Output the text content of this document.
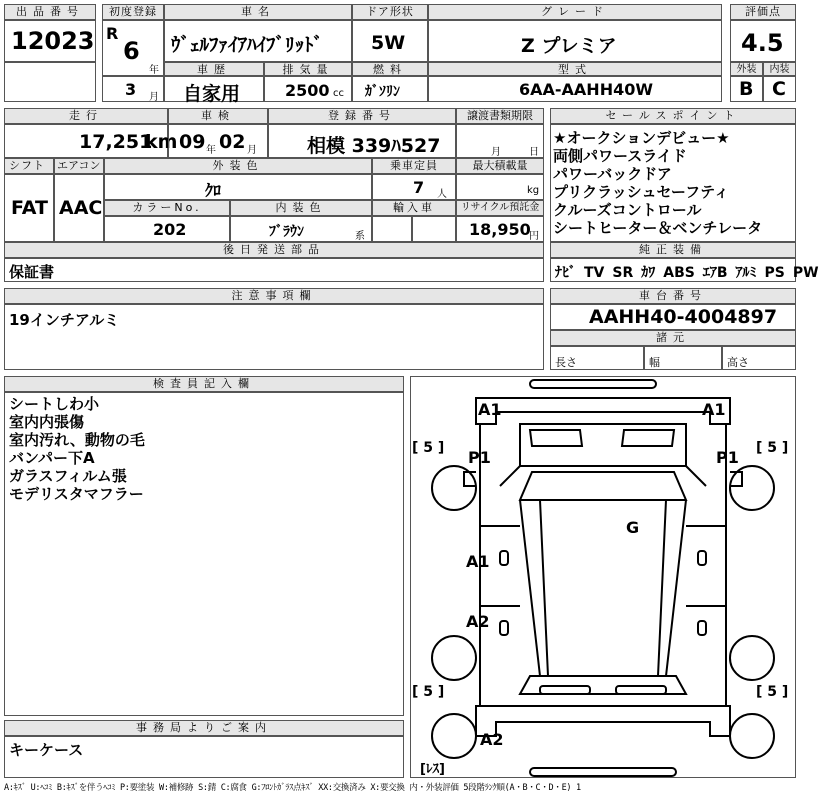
出品番号
12023
初度登録
R
6
年
3 月
車名
ｳﾞｪﾙﾌｧｲｱﾊｲﾌﾞﾘｯﾄﾞ
ドア形状
5W
グレード
Z プレミア
評価点
4.5
車歴
自家用
排気量
2500 cc
燃料
ｶﾞｿﾘﾝ
型式
6AA-AAHH40W
外装	内装
B C
走行
17,251
km
車検
09 年 02 月
登録番号
相模 339ﾊ527
譲渡書類期限
月	日
シフト
FAT
エアコン
AAC
外装色
ｸﾛ
乗車定員
7 人
最大積載量
kg
カラーNo.
202
内装色
ﾌﾞﾗｳﾝ	系
輸入車	リサイクル預託金
18,950
円
後日発送部品
保証書
セールスポイント
★オークションデビュー★
両側パワースライド
パワーバックドア
プリクラッシュセーフティ
クルーズコントロール
シートヒーター＆ベンチレータ
純正装備
ﾅﾋﾞ TV SR ｶﾜ ABS ｴｱB ｱﾙﾐ PS PW
注意事項欄
19インチアルミ
車台番号
AAHH40-4004897
諸元
長さ	幅	高さ
検査員記入欄
シートしわ小
室内内張傷
室内汚れ、動物の毛
バンパー下A
ガラスフィルム張
モデリスタマフラー
事務局よりご案内
キーケース
A1	A1
P1	P1
G
A1
A2
A2
[ 5 ]	[ 5 ]
[ 5 ]	[ 5 ]
[ﾚｽ]
A:ｷｽﾞ U:ﾍｺﾐ B:ｷｽﾞを伴うﾍｺﾐ P:要塗装 W:補修跡 S:錆 C:腐食 G:ﾌﾛﾝﾄｶﾞﾗｽ点ｷｽﾞ XX:交換済み X:要交換 内・外装評価 5段階ﾗﾝｸ順(A・B・C・D・E) 1
